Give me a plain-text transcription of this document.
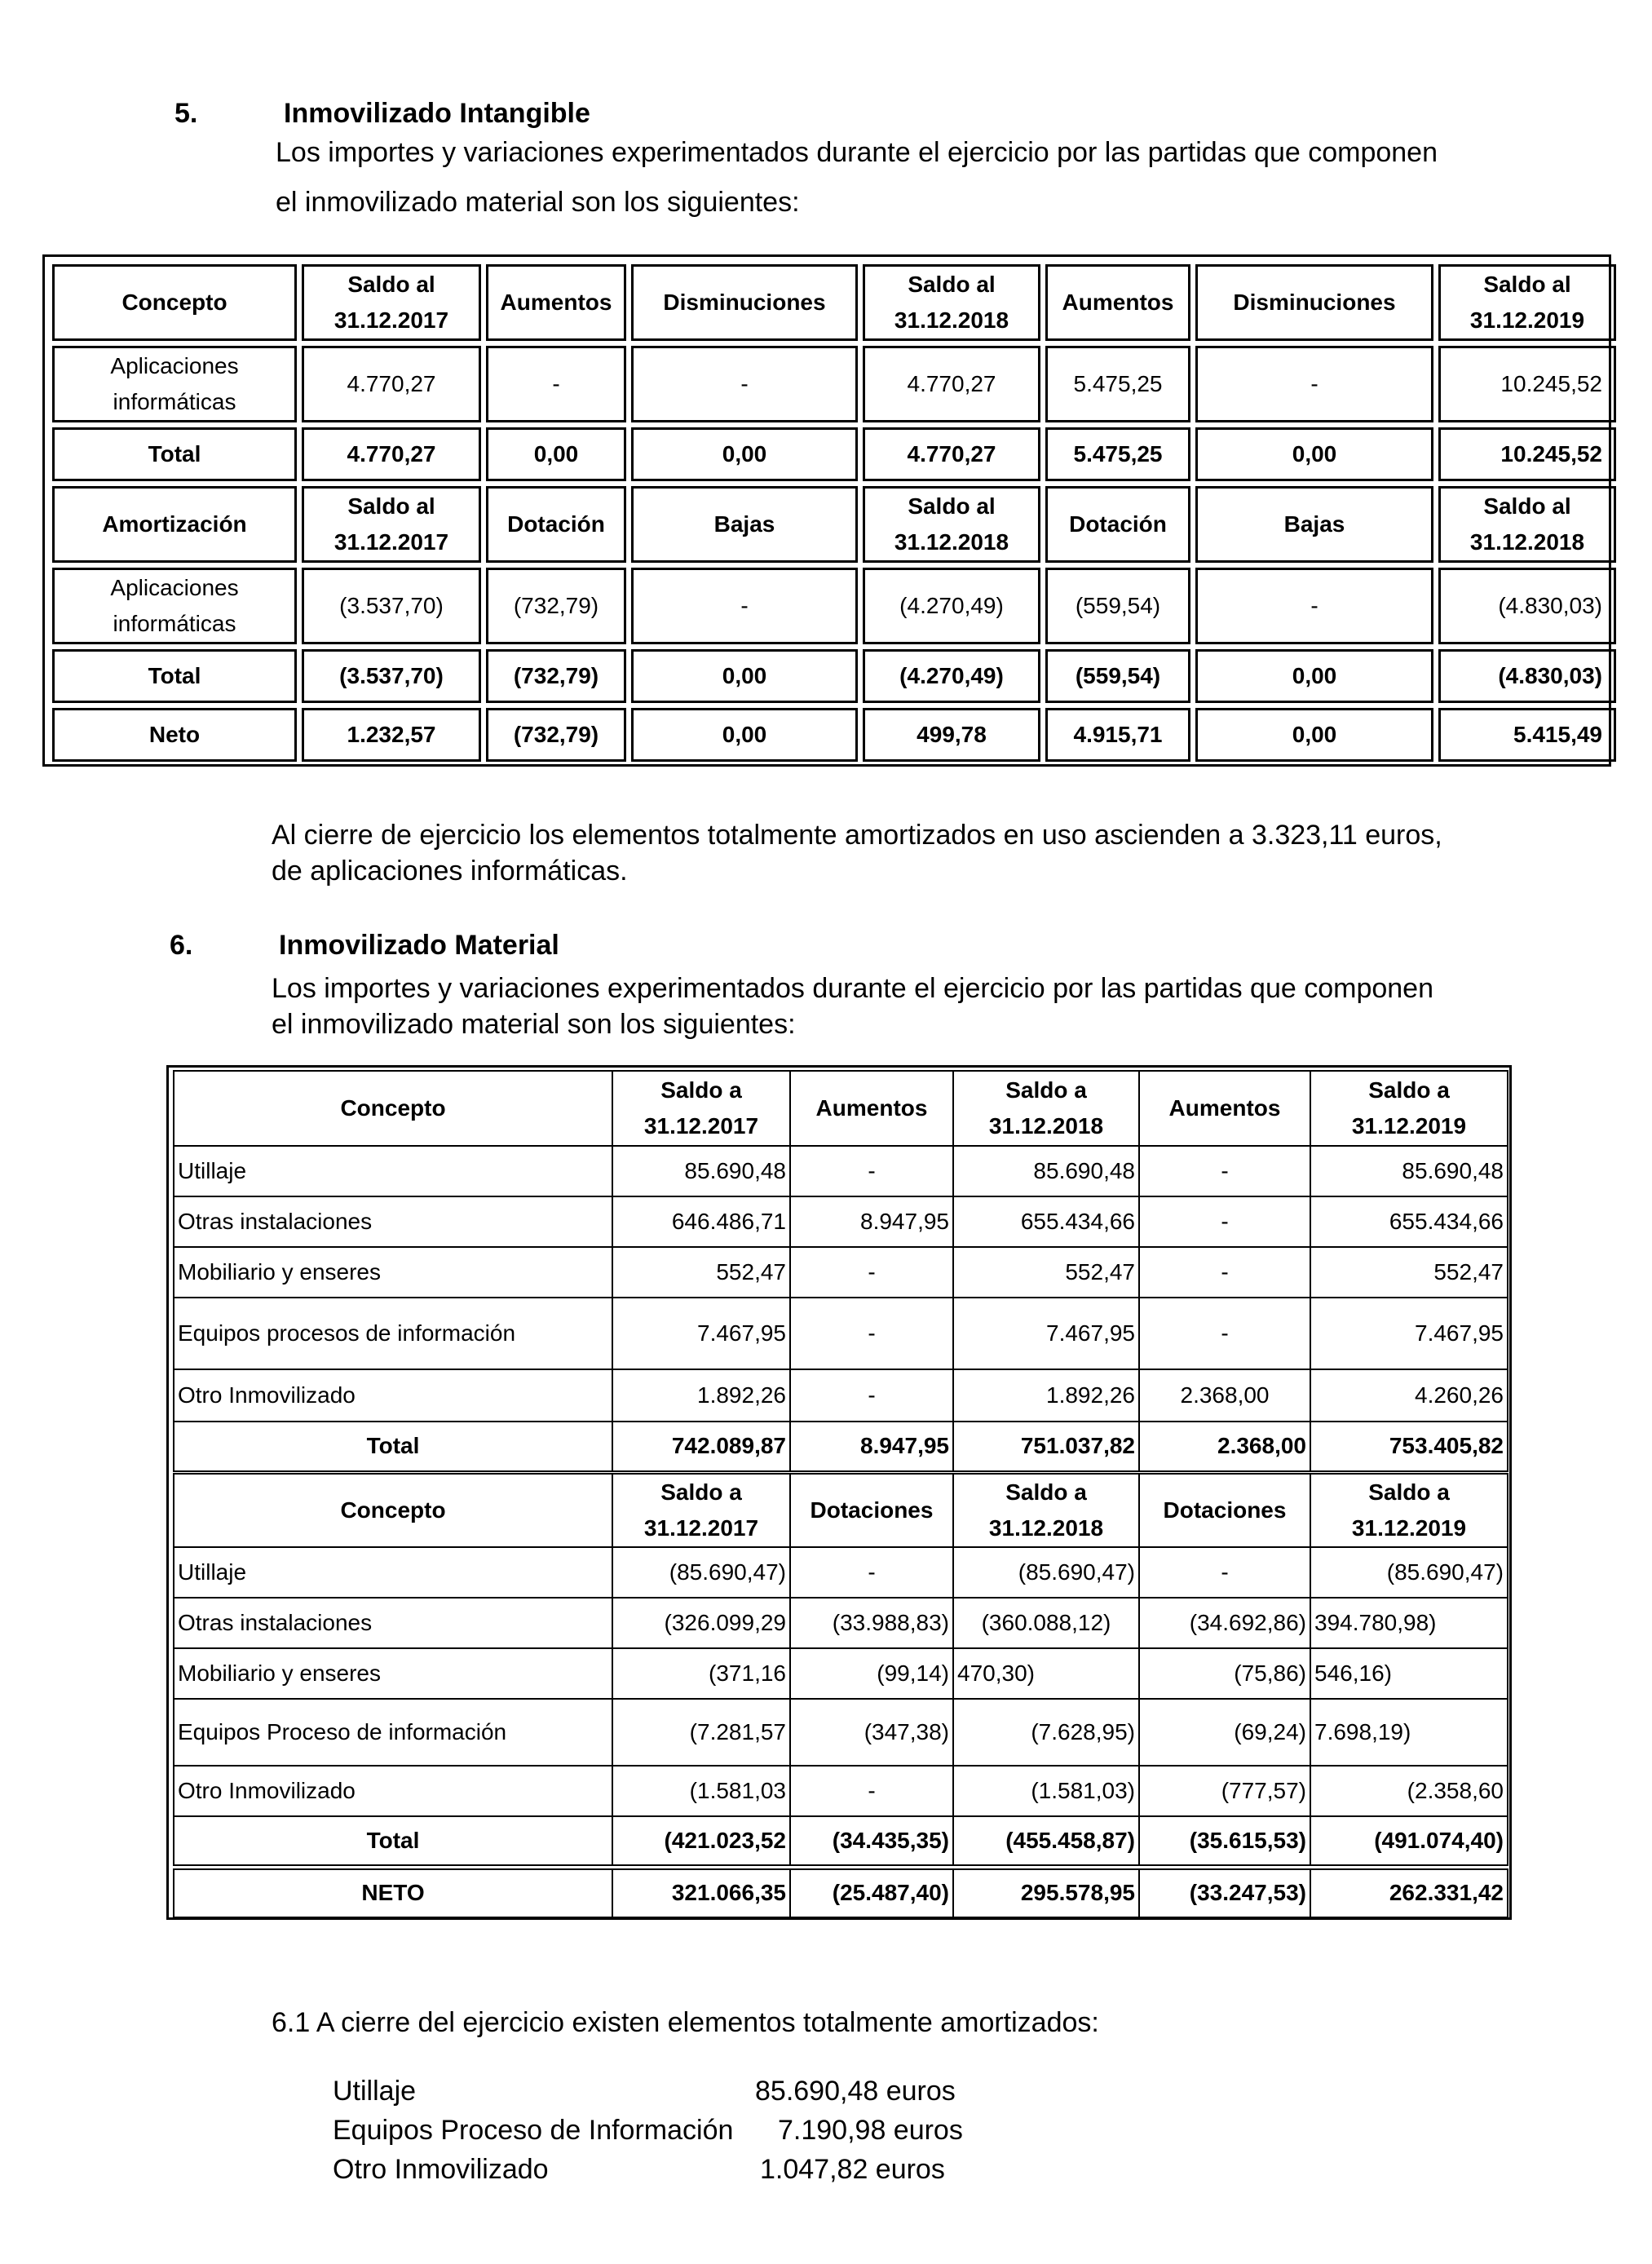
5.	Inmovilizado Intangible
Los importes y variaciones experimentados durante el ejercicio por las partidas que componen
el inmovilizado material son los siguientes:
Concepto	Saldo al 31.12.2017	Aumentos	Disminuciones	Saldo al 31.12.2018	Aumentos	Disminuciones	Saldo al 31.12.2019
Aplicaciones informáticas	4.770,27	-	-	4.770,27	5.475,25	-	10.245,52
Total	4.770,27	0,00	0,00	4.770,27	5.475,25	0,00	10.245,52
Amortización	Saldo al 31.12.2017	Dotación	Bajas	Saldo al 31.12.2018	Dotación	Bajas	Saldo al 31.12.2018
Aplicaciones informáticas	(3.537,70)	(732,79)	-	(4.270,49)	(559,54)	-	(4.830,03)
Total	(3.537,70)	(732,79)	0,00	(4.270,49)	(559,54)	0,00	(4.830,03)
Neto	1.232,57	(732,79)	0,00	499,78	4.915,71	0,00	5.415,49
Al cierre de ejercicio los elementos totalmente amortizados en uso ascienden a 3.323,11 euros,
de aplicaciones informáticas.
6.	Inmovilizado Material
Los importes y variaciones experimentados durante el ejercicio por las partidas que componen
el inmovilizado material son los siguientes:
Concepto	Saldo a 31.12.2017	Aumentos	Saldo a 31.12.2018	Aumentos	Saldo a 31.12.2019
Utillaje	85.690,48	-	85.690,48	-	85.690,48
Otras instalaciones	646.486,71	8.947,95	655.434,66	-	655.434,66
Mobiliario y enseres	552,47	-	552,47	-	552,47
Equipos procesos de información	7.467,95	-	7.467,95	-	7.467,95
Otro Inmovilizado	1.892,26	-	1.892,26	2.368,00	4.260,26
Total	742.089,87	8.947,95	751.037,82	2.368,00	753.405,82
Concepto	Saldo a 31.12.2017	Dotaciones	Saldo a 31.12.2018	Dotaciones	Saldo a 31.12.2019
Utillaje	(85.690,47)	-	(85.690,47)	-	(85.690,47)
Otras instalaciones	(326.099,29	(33.988,83)	(360.088,12)	(34.692,86)	394.780,98)
Mobiliario y enseres	(371,16	(99,14)	470,30)	(75,86)	546,16)
Equipos Proceso de información	(7.281,57	(347,38)	(7.628,95)	(69,24)	7.698,19)
Otro Inmovilizado	(1.581,03	-	(1.581,03)	(777,57)	(2.358,60
Total	(421.023,52	(34.435,35)	(455.458,87)	(35.615,53)	(491.074,40)
NETO	321.066,35	(25.487,40)	295.578,95	(33.247,53)	262.331,42
6.1 A cierre del ejercicio existen elementos totalmente amortizados:
Utillaje	85.690,48 euros
Equipos Proceso de Información 7.190,98 euros
Otro Inmovilizado	1.047,82 euros
